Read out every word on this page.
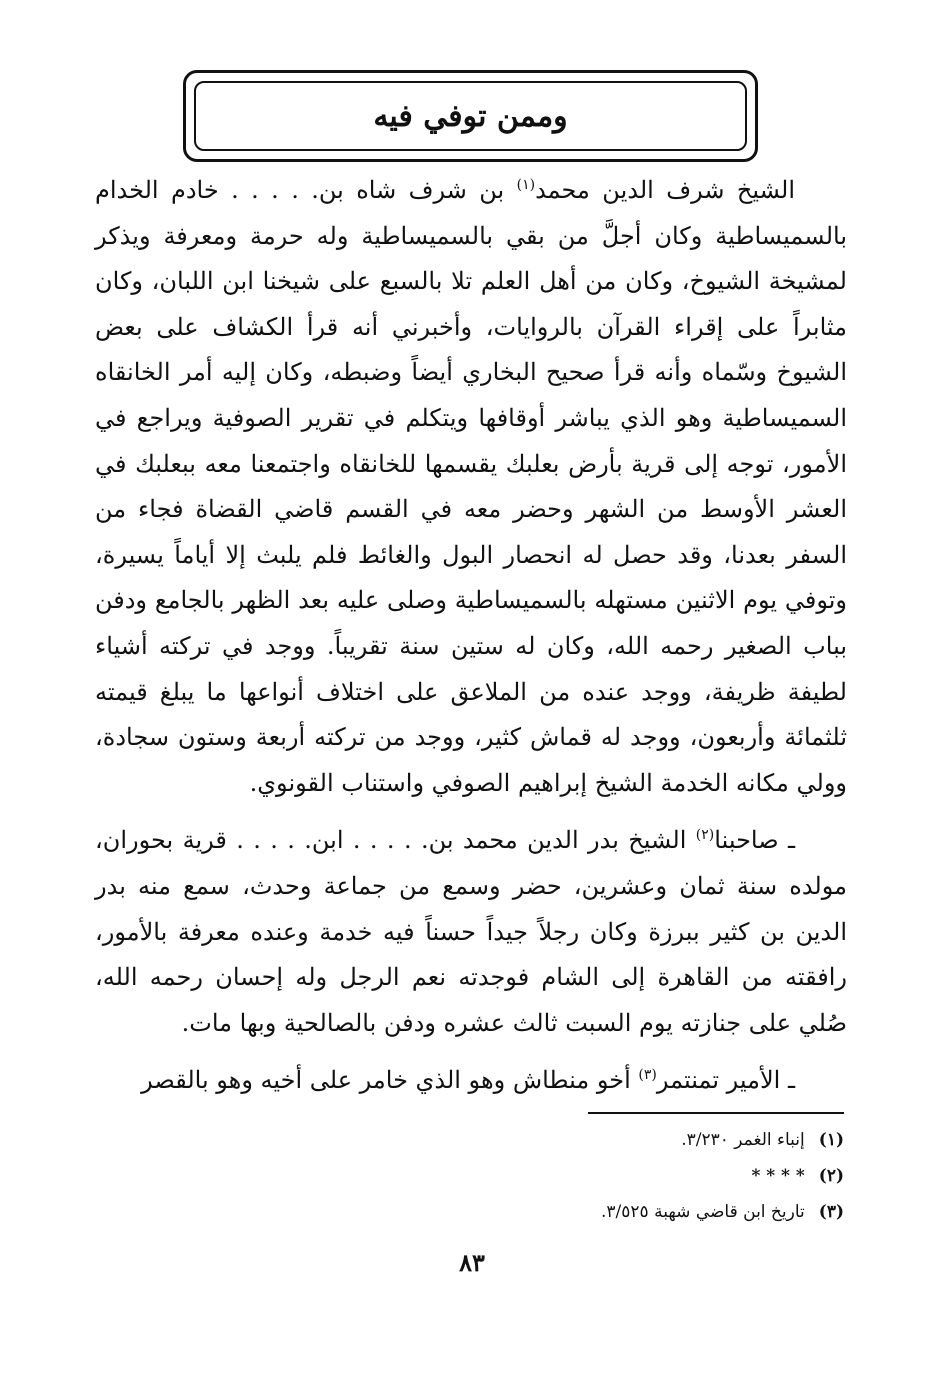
وممن توفي فيه

الشيخ شرف الدين محمد$^{(١)}$ بن شرف شاه بن. . . . . خادم الخدام بالسميساطية وكان أجلَّ من بقي بالسميساطية وله حرمة ومعرفة ويذكر لمشيخة الشيوخ، وكان من أهل العلم تلا بالسبع على شيخنا ابن اللبان، وكان مثابراً على إقراء القرآن بالروايات، وأخبرني أنه قرأ الكشاف على بعض الشيوخ وسّماه وأنه قرأ صحيح البخاري أيضاً وضبطه، وكان إليه أمر الخانقاه السميساطية وهو الذي يباشر أوقافها ويتكلم في تقرير الصوفية ويراجع في الأمور، توجه إلى قرية بأرض بعلبك يقسمها للخانقاه واجتمعنا معه ببعلبك في العشر الأوسط من الشهر وحضر معه في القسم قاضي القضاة فجاء من السفر بعدنا، وقد حصل له انحصار البول والغائط فلم يلبث إلا أياماً يسيرة، وتوفي يوم الاثنين مستهله بالسميساطية وصلى عليه بعد الظهر بالجامع ودفن بباب الصغير رحمه الله، وكان له ستين سنة تقريباً. ووجد في تركته أشياء لطيفة ظريفة، ووجد عنده من الملاعق على اختلاف أنواعها ما يبلغ قيمته ثلثمائة وأربعون، ووجد له قماش كثير، ووجد من تركته أربعة وستون سجادة، وولي مكانه الخدمة الشيخ إبراهيم الصوفي واستناب القونوي.

ـ صاحبنا$^{(٢)}$ الشيخ بدر الدين محمد بن. . . . . ابن. . . . . قرية بحوران، مولده سنة ثمان وعشرين، حضر وسمع من جماعة وحدث، سمع منه بدر الدين بن كثير ببرزة وكان رجلاً جيداً حسناً فيه خدمة وعنده معرفة بالأمور، رافقته من القاهرة إلى الشام فوجدته نعم الرجل وله إحسان رحمه الله، صُلي على جنازته يوم السبت ثالث عشره ودفن بالصالحية وبها مات.

ـ الأمير تمنتمر$^{(٣)}$ أخو منطاش وهو الذي خامر على أخيه وهو بالقصر

(١)إنباء الغمر ٣/٢٣٠.
(٢)* * * *
(٣)تاريخ ابن قاضي شهبة ٣/٥٢٥.
٨٣
